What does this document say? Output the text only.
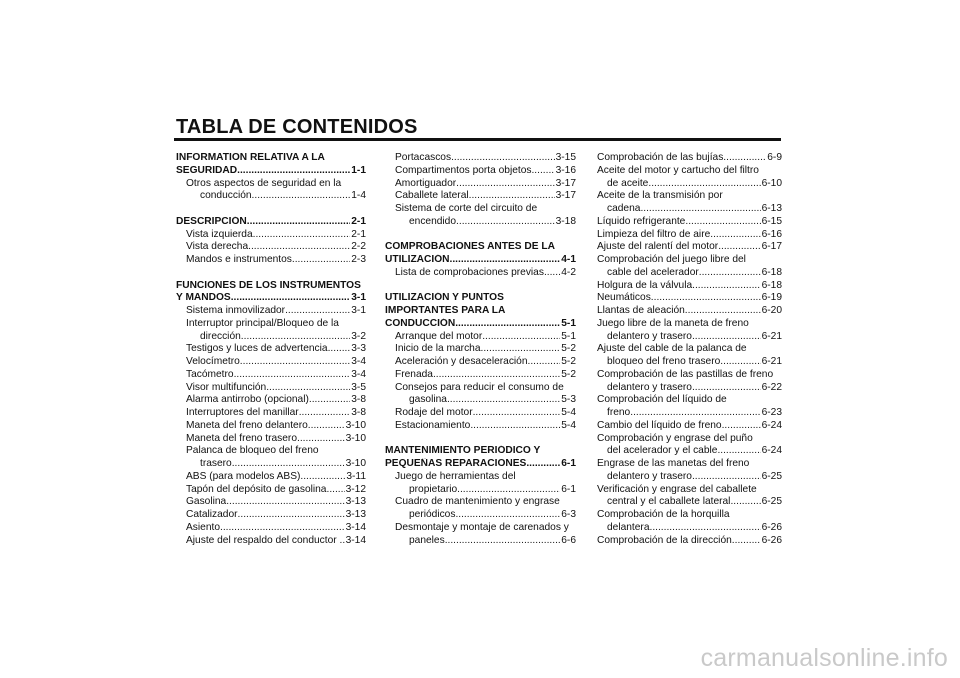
TABLA DE CONTENIDOS
INFORMATION RELATIVA A LA
SEGURIDAD .....	1-1
Otros aspectos de seguridad en la
conducción .....	1-4
DESCRIPCIÓN .....	2-1
Vista izquierda .....	2-1
Vista derecha .....	2-2
Mandos e instrumentos .....	2-3
FUNCIONES DE LOS INSTRUMENTOS
Y MANDOS .....	3-1
Sistema inmovilizador .....	3-1
Interruptor principal/Bloqueo de la
dirección .....	3-2
Testigos y luces de advertencia ..... 3-3
Velocímetro .....	3-4
Tacómetro .....	3-4
Visor multifunción .....	3-5
Alarma antirrobo (opcional) .....	3-8
Interruptores del manillar .....	3-8
Maneta del freno delantero .....	3-10
Maneta del freno trasero .....	3-10
Palanca de bloqueo del freno
trasero .....	3-10
ABS (para modelos ABS) .....	3-11
Tapón del depósito de gasolina ..... 3-12
Gasolina .....	3-13
Catalizador .....	3-13
Asiento .....	3-14
Ajuste del respaldo del conductor . ..... 3-14
Portacascos .....	3-15
Compartimentos porta objetos ..... 3-16
Amortiguador .....	3-17
Caballete lateral .....	3-17
Sistema de corte del circuito de
encendido .....	3-18
COMPROBACIONES ANTES DE LA
UTILIZACIÓN .....	4-1
Lista de comprobaciones previas ..... 4-2
UTILIZACIÓN Y PUNTOS
IMPORTANTES PARA LA
CONDUCCIÓN .....	5-1
Arranque del motor .....	5-1
Inicio de la marcha .....	5-2
Aceleración y desaceleración .....	5-2
Frenada .....	5-2
Consejos para reducir el consumo de
gasolina .....	5-3
Rodaje del motor .....	5-4
Estacionamiento .....	5-4
MANTENIMIENTO PERIÓDICO Y
PEQUEÑAS REPARACIONES .....	6-1
Juego de herramientas del
propietario .....	6-1
Cuadro de mantenimiento y engrase
periódicos .....	6-3
Desmontaje y montaje de carenados y
paneles .....	6-6
Comprobación de las bujías .....	6-9
Aceite del motor y cartucho del filtro
de aceite .....	6-10
Aceite de la transmisión por
cadena .....	6-13
Líquido refrigerante .....	6-15
Limpieza del filtro de aire .....	6-16
Ajuste del ralentí del motor .....	6-17
Comprobación del juego libre del
cable del acelerador .....	6-18
Holgura de la válvula .....	6-18
Neumáticos .....	6-19
Llantas de aleación .....	6-20
Juego libre de la maneta de freno
delantero y trasero .....	6-21
Ajuste del cable de la palanca de
bloqueo del freno trasero .....	6-21
Comprobación de las pastillas de freno
delantero y trasero .....	6-22
Comprobación del líquido de
freno .....	6-23
Cambio del líquido de freno .....	6-24
Comprobación y engrase del puño
del acelerador y el cable .....	6-24
Engrase de las manetas del freno
delantero y trasero .....	6-25
Verificación y engrase del caballete
central y el caballete lateral .....	6-25
Comprobación de la horquilla
delantera .....	6-26
Comprobación de la dirección .....	6-26
carmanualsonline.info
